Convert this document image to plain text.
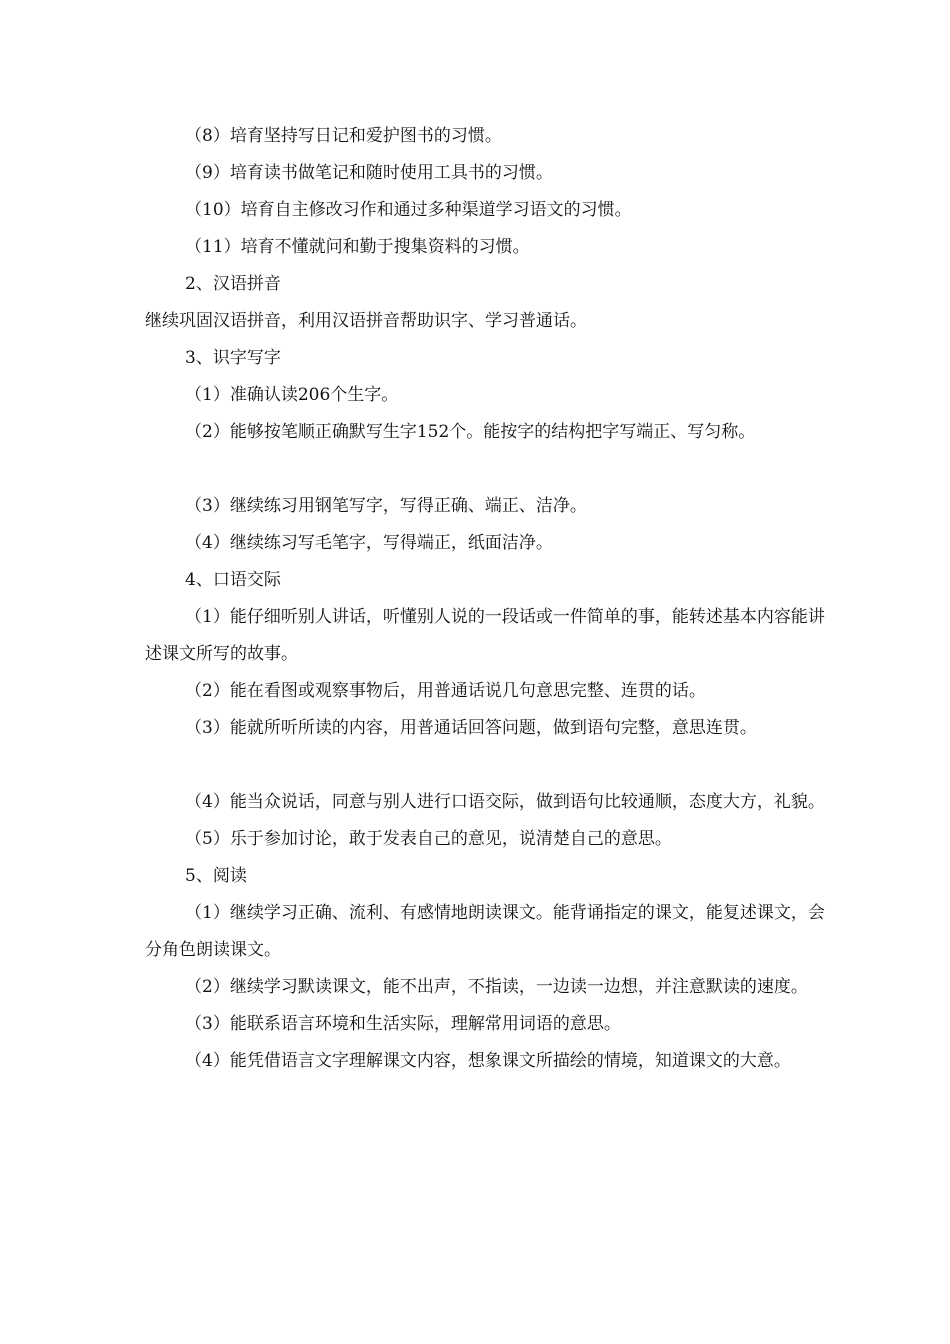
（8）培育坚持写日记和爱护图书的习惯。

（9）培育读书做笔记和随时使用工具书的习惯。

（10）培育自主修改习作和通过多种渠道学习语文的习惯。

（11）培育不懂就问和勤于搜集资料的习惯。

2、汉语拼音

继续巩固汉语拼音，利用汉语拼音帮助识字、学习普通话。

3、识字写字

（1）准确认读206个生字。

（2）能够按笔顺正确默写生字152个。能按字的结构把字写端正、写匀称。

（3）继续练习用钢笔写字，写得正确、端正、洁净。

（4）继续练习写毛笔字，写得端正，纸面洁净。

4、口语交际

（1）能仔细听别人讲话，听懂别人说的一段话或一件简单的事，能转述基本内容能讲述课文所写的故事。

（2）能在看图或观察事物后，用普通话说几句意思完整、连贯的话。

（3）能就所听所读的内容，用普通话回答问题，做到语句完整，意思连贯。

（4）能当众说话，同意与别人进行口语交际，做到语句比较通顺，态度大方，礼貌。

（5）乐于参加讨论，敢于发表自己的意见，说清楚自己的意思。

5、阅读

（1）继续学习正确、流利、有感情地朗读课文。能背诵指定的课文，能复述课文，会分角色朗读课文。

（2）继续学习默读课文，能不出声，不指读，一边读一边想，并注意默读的速度。

（3）能联系语言环境和生活实际，理解常用词语的意思。

（4）能凭借语言文字理解课文内容，想象课文所描绘的情境，知道课文的大意。
